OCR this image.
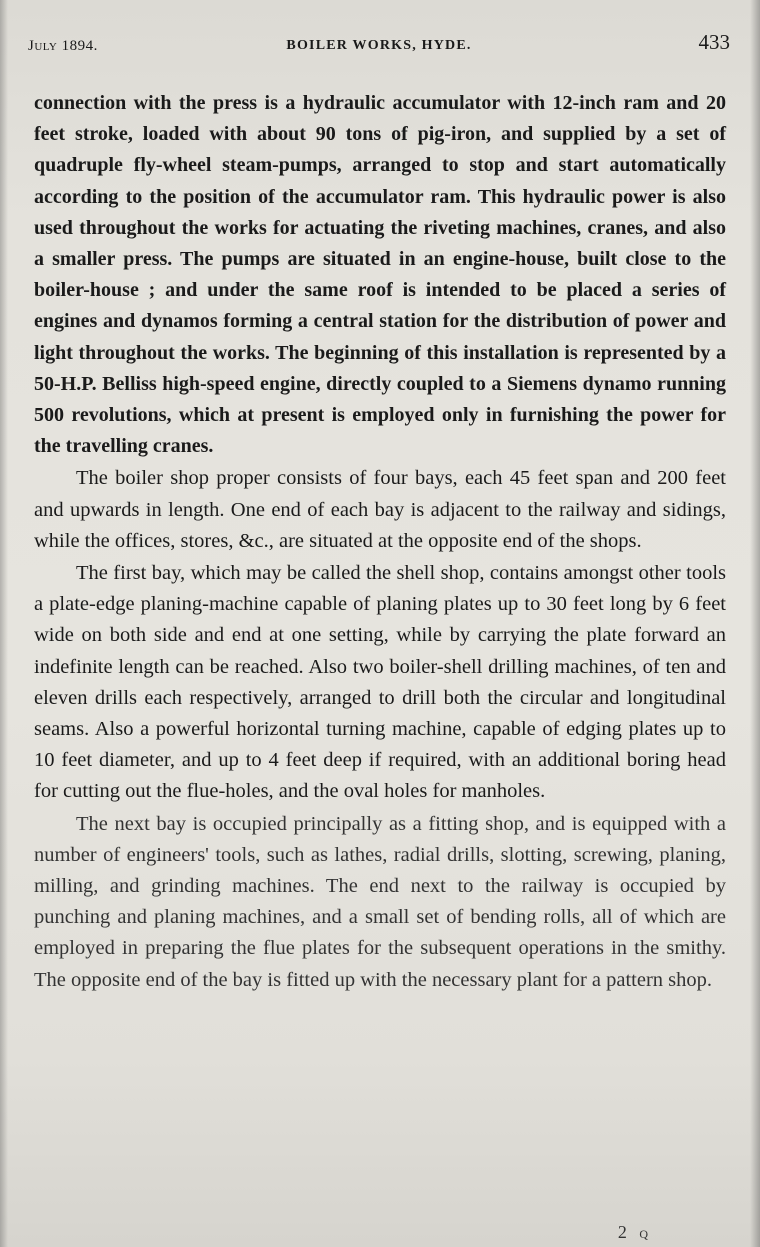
July 1894.	BOILER WORKS, HYDE.	433

connection with the press is a hydraulic accumulator with 12-inch ram and 20 feet stroke, loaded with about 90 tons of pig-iron, and supplied by a set of quadruple fly-wheel steam-pumps, arranged to stop and start automatically according to the position of the accumulator ram. This hydraulic power is also used throughout the works for actuating the riveting machines, cranes, and also a smaller press. The pumps are situated in an engine-house, built close to the boiler-house ; and under the same roof is intended to be placed a series of engines and dynamos forming a central station for the distribution of power and light throughout the works. The beginning of this installation is represented by a 50-H.P. Belliss high-speed engine, directly coupled to a Siemens dynamo running 500 revolutions, which at present is employed only in furnishing the power for the travelling cranes.

The boiler shop proper consists of four bays, each 45 feet span and 200 feet and upwards in length. One end of each bay is adjacent to the railway and sidings, while the offices, stores, &c., are situated at the opposite end of the shops.

The first bay, which may be called the shell shop, contains amongst other tools a plate-edge planing-machine capable of planing plates up to 30 feet long by 6 feet wide on both side and end at one setting, while by carrying the plate forward an indefinite length can be reached. Also two boiler-shell drilling machines, of ten and eleven drills each respectively, arranged to drill both the circular and longitudinal seams. Also a powerful horizontal turning machine, capable of edging plates up to 10 feet diameter, and up to 4 feet deep if required, with an additional boring head for cutting out the flue-holes, and the oval holes for manholes.

The next bay is occupied principally as a fitting shop, and is equipped with a number of engineers' tools, such as lathes, radial drills, slotting, screwing, planing, milling, and grinding machines. The end next to the railway is occupied by punching and planing machines, and a small set of bending rolls, all of which are employed in preparing the flue plates for the subsequent operations in the smithy. The opposite end of the bay is fitted up with the necessary plant for a pattern shop.

2 Q
